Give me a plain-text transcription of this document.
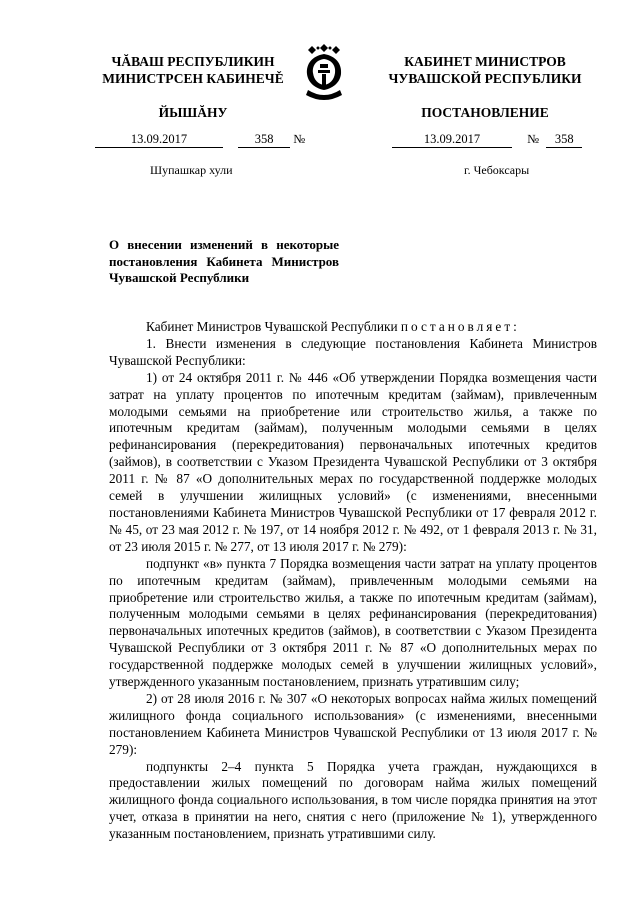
ЧĂВАШ РЕСПУБЛИКИН
МИНИСТРСЕН КАБИНЕЧĚ
ЙЫШĂНУ
КАБИНЕТ МИНИСТРОВ
ЧУВАШСКОЙ РЕСПУБЛИКИ
ПОСТАНОВЛЕНИЕ
13.09.2017	358 №	13.09.2017	№ 358
Шупашкар хули	г. Чебоксары
О внесении изменений в некоторые постановления Кабинета Министров Чувашской Республики

Кабинет Министров Чувашской Республики постановляет:

1. Внести изменения в следующие постановления Кабинета Министров Чувашской Республики:

1) от 24 октября 2011 г. № 446 «Об утверждении Порядка возмещения части затрат на уплату процентов по ипотечным кредитам (займам), привлеченным молодыми семьями на приобретение или строительство жилья, а также по ипотечным кредитам (займам), полученным молодыми семьями в целях рефинансирования (перекредитования) первоначальных ипотечных кредитов (займов), в соответствии с Указом Президента Чувашской Республики от 3 октября 2011 г. № 87 «О дополнительных мерах по государственной поддержке молодых семей в улучшении жилищных условий» (с изменениями, внесенными постановлениями Кабинета Министров Чувашской Республики от 17 февраля 2012 г. № 45, от 23 мая 2012 г. № 197, от 14 ноября 2012 г. № 492, от 1 февраля 2013 г. № 31, от 23 июля 2015 г. № 277, от 13 июля 2017 г. № 279):

подпункт «в» пункта 7 Порядка возмещения части затрат на уплату процентов по ипотечным кредитам (займам), привлеченным молодыми семьями на приобретение или строительство жилья, а также по ипотечным кредитам (займам), полученным молодыми семьями в целях рефинансирования (перекредитования) первоначальных ипотечных кредитов (займов), в соответствии с Указом Президента Чувашской Республики от 3 октября 2011 г. № 87 «О дополнительных мерах по государственной поддержке молодых семей в улучшении жилищных условий», утвержденного указанным постановлением, признать утратившим силу;

2) от 28 июля 2016 г. № 307 «О некоторых вопросах найма жилых помещений жилищного фонда социального использования» (с изменениями, внесенными постановлением Кабинета Министров Чувашской Республики от 13 июля 2017 г. № 279):

подпункты 2–4 пункта 5 Порядка учета граждан, нуждающихся в предоставлении жилых помещений по договорам найма жилых помещений жилищного фонда социального использования, в том числе порядка принятия на этот учет, отказа в принятии на него, снятия с него (приложение № 1), утвержденного указанным постановлением, признать утратившими силу.
